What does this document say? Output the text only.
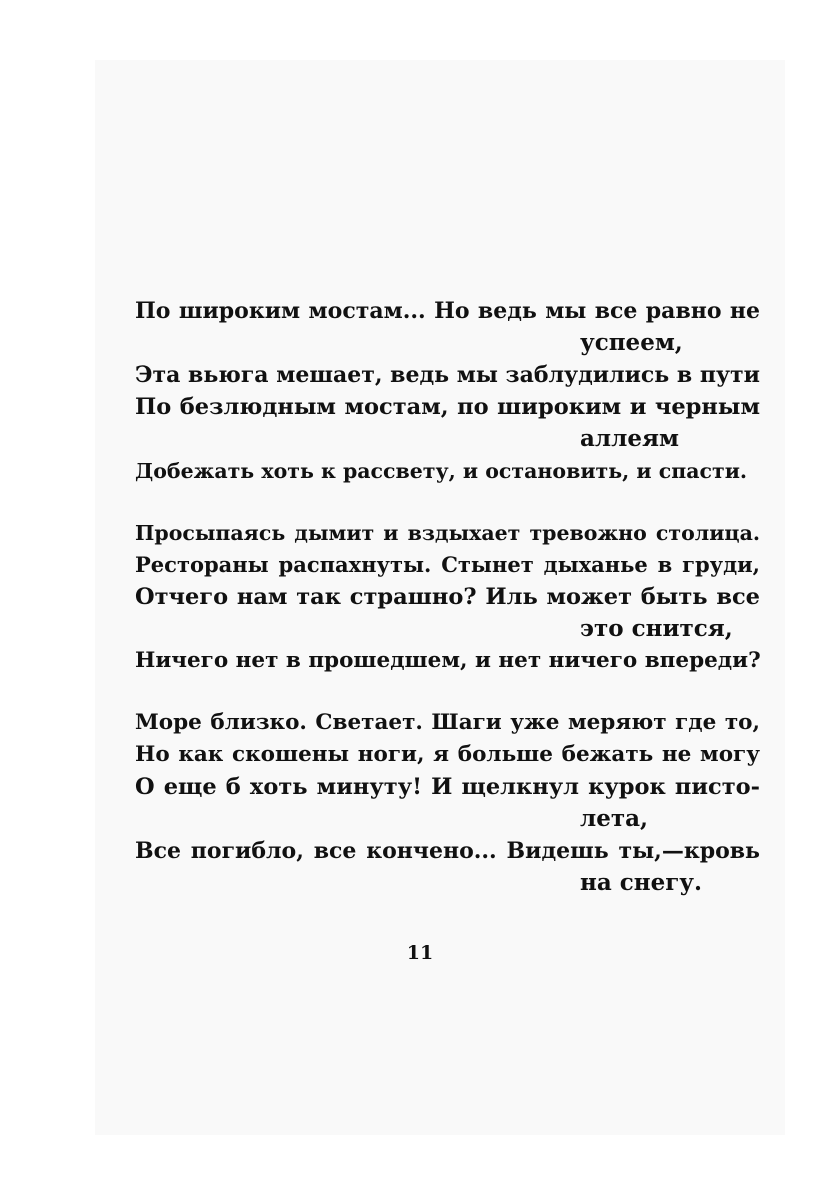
По широким мостам... Но ведь мы все равно не
успеем,
Эта вьюга мешает, ведь мы заблудились в пути
По безлюдным мостам, по широким и черным
аллеям
Добежать хоть к рассвету, и остановить, и спасти.
Просыпаясь дымит и вздыхает тревожно столица.
Рестораны распахнуты. Стынет дыханье в груди,
Отчего нам так страшно? Иль может быть все
это снится,
Ничего нет в прошедшем, и нет ничего впереди?
Море близко. Светает. Шаги уже меряют где то,
Но как скошены ноги, я больше бежать не могу
О еще б хоть минуту! И щелкнул курок писто-
лета,
Все погибло, все кончено... Видешь ты,—кровь
на снегу.
11
